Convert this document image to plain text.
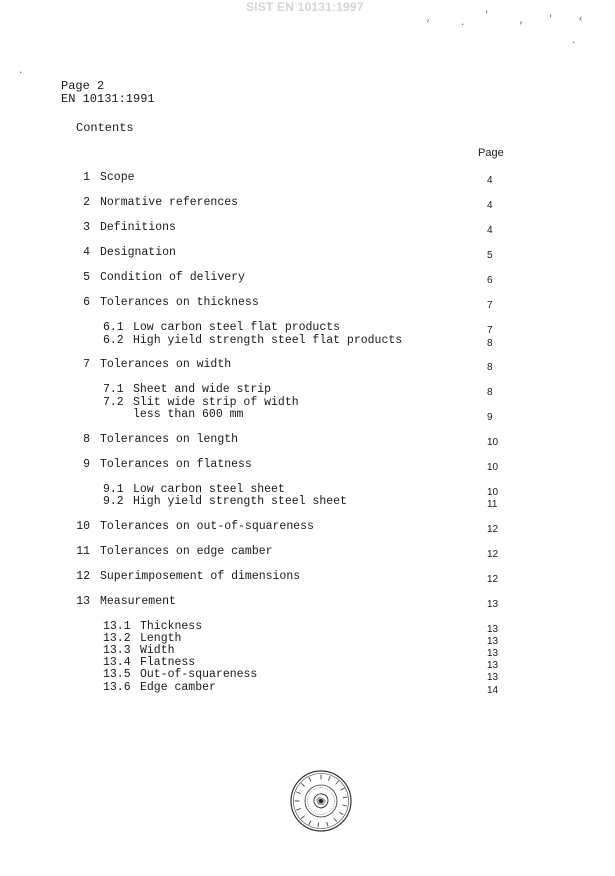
SIST EN 10131:1997
Page 2
EN 10131:1991
Contents
Page
1 Scope	4
2 Normative references	4
3 Definitions	4
4 Designation	5
5 Condition of delivery	6
6 Tolerances on thickness	7
6.1 Low carbon steel flat products	7
6.2 High yield strength steel flat products	8
7 Tolerances on width	8
7.1 Sheet and wide strip	8
7.2 Slit wide strip of width
less than 600 mm	9
8 Tolerances on length	10
9 Tolerances on flatness	10
9.1 Low carbon steel sheet	10
9.2 High yield strength steel sheet	11
10 Tolerances on out-of-squareness	12
11 Tolerances on edge camber	12
12 Superimposement of dimensions	12
13 Measurement	13
13.1 Thickness	13
13.2 Length	13
13.3 Width	13
13.4 Flatness	13
13.5 Out-of-squareness	13
13.6 Edge camber	14
,	.
'
,	'	‹
.
.
